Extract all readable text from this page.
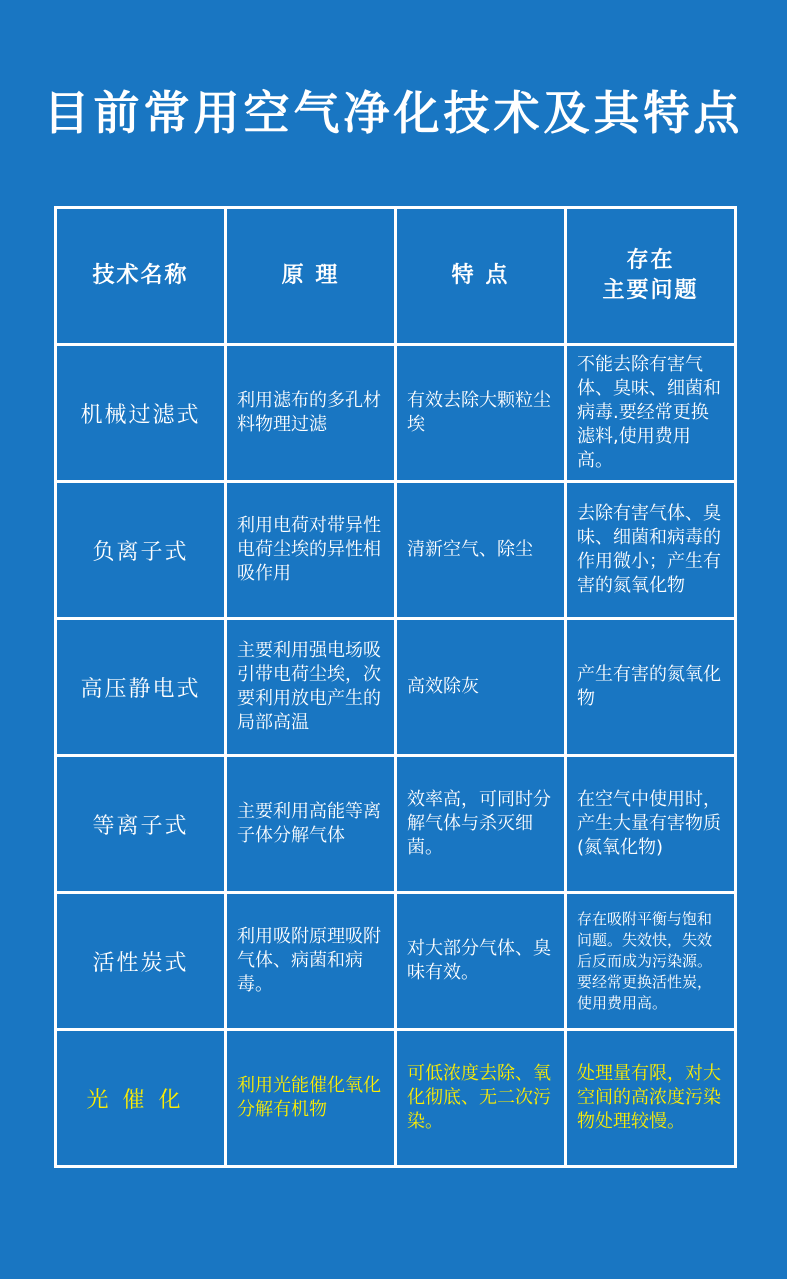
目前常用空气净化技术及其特点
技术名称	原 理	特 点	存在
主要问题
机械过滤式	利用滤布的多孔材料物理过滤	有效去除大颗粒尘埃	不能去除有害气体、臭味、细菌和病毒.要经常更换滤料,使用费用高。
负离子式	利用电荷对带异性电荷尘埃的异性相吸作用	清新空气、除尘	去除有害气体、臭味、细菌和病毒的作用微小；产生有害的氮氧化物
高压静电式	主要利用强电场吸引带电荷尘埃，次要利用放电产生的局部高温	高效除灰	产生有害的氮氧化物
等离子式	主要利用高能等离子体分解气体	效率高，可同时分解气体与杀灭细菌。	在空气中使用时，产生大量有害物质(氮氧化物)
活性炭式	利用吸附原理吸附气体、病菌和病毒。	对大部分气体、臭味有效。	存在吸附平衡与饱和问题。失效快，失效后反而成为污染源。要经常更换活性炭，使用费用高。
光催化	利用光能催化氧化分解有机物	可低浓度去除、氧化彻底、无二次污染。	处理量有限，对大空间的高浓度污染物处理较慢。
